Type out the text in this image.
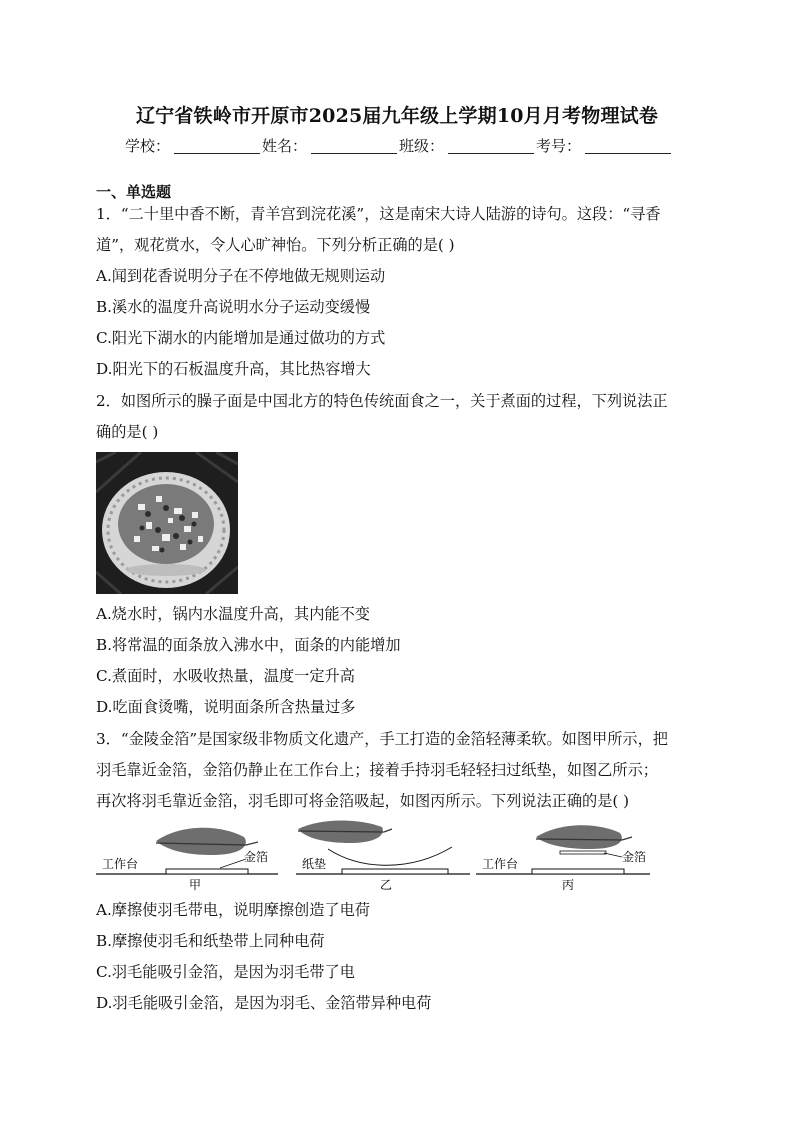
辽宁省铁岭市开原市2025届九年级上学期10月月考物理试卷
学校：	姓名：	班级：	考号：
一、单选题
1．“二十里中香不断，青羊宫到浣花溪”，这是南宋大诗人陆游的诗句。这段：“寻香
道”，观花赏水，令人心旷神怡。下列分析正确的是( )
A.闻到花香说明分子在不停地做无规则运动
B.溪水的温度升高说明水分子运动变缓慢
C.阳光下湖水的内能增加是通过做功的方式
D.阳光下的石板温度升高，其比热容增大
2．如图所示的臊子面是中国北方的特色传统面食之一，关于煮面的过程，下列说法正
确的是( )
A.烧水时，锅内水温度升高，其内能不变
B.将常温的面条放入沸水中，面条的内能增加
C.煮面时，水吸收热量，温度一定升高
D.吃面食烫嘴，说明面条所含热量过多
3．“金陵金箔”是国家级非物质文化遗产，手工打造的金箔轻薄柔软。如图甲所示，把
羽毛靠近金箔，金箔仍静止在工作台上；接着手持羽毛轻轻扫过纸垫，如图乙所示；
再次将羽毛靠近金箔，羽毛即可将金箔吸起，如图丙所示。下列说法正确的是( )
工作台	金箔
甲
纸垫
乙
工作台	金箔
丙
A.摩擦使羽毛带电，说明摩擦创造了电荷
B.摩擦使羽毛和纸垫带上同种电荷
C.羽毛能吸引金箔，是因为羽毛带了电
D.羽毛能吸引金箔，是因为羽毛、金箔带异种电荷
